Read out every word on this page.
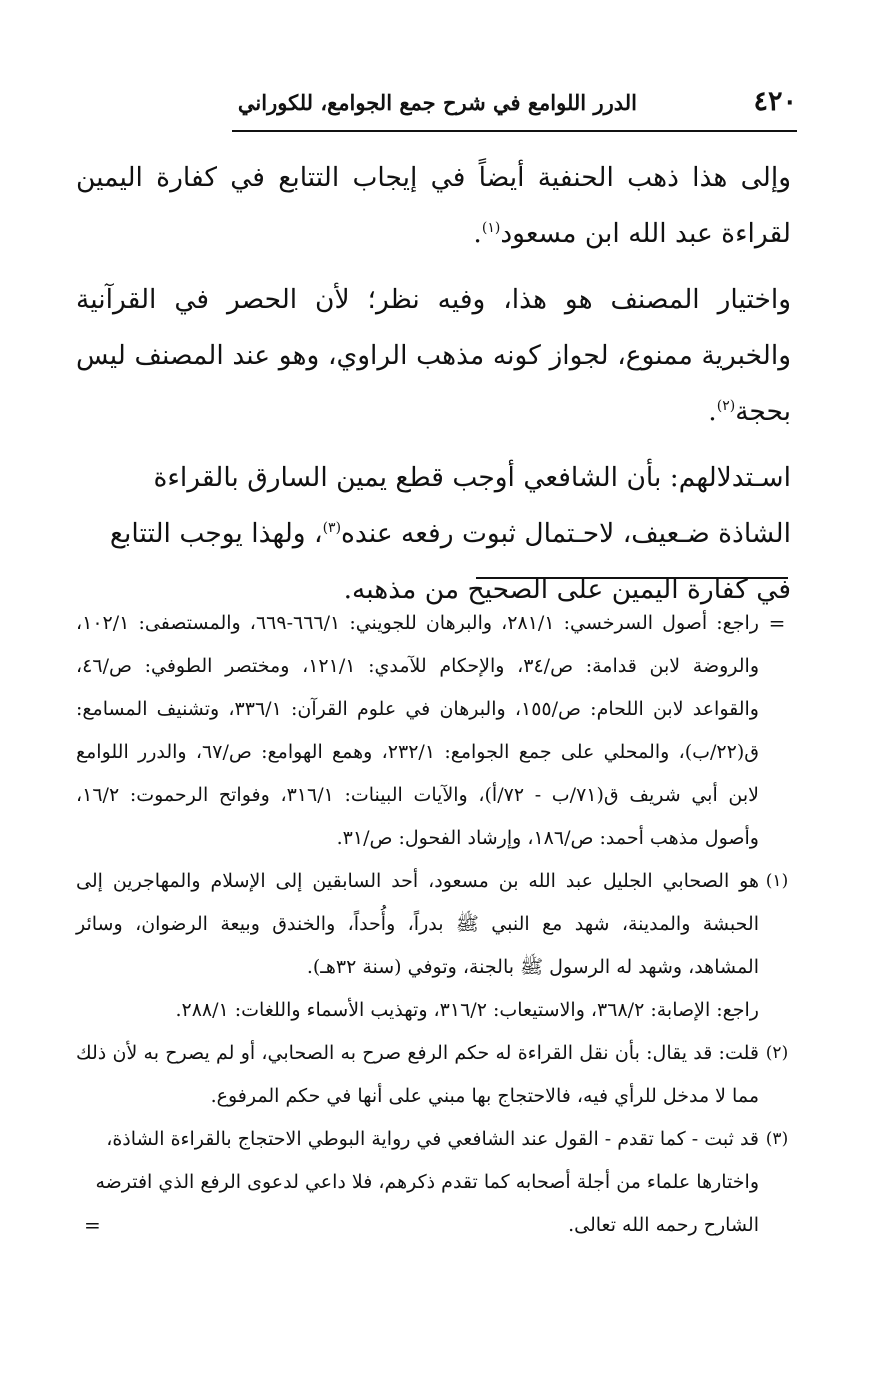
٤٢٠
الدرر اللوامع في شرح جمع الجوامع، للكوراني

وإلى هذا ذهب الحنفية أيضاً في إيجاب التتابع في كفارة اليمين لقراءة عبد الله ابن مسعود$^{(١)}$.

واختيار المصنف هو هذا، وفيه نظر؛ لأن الحصر في القرآنية والخبرية ممنوع، لجواز كونه مذهب الراوي، وهو عند المصنف ليس بحجة$^{(٢)}$.

اسـتدلالهم: بأن الشافعي أوجب قطع يمين السارق بالقراءة الشاذة ضـعيف، لاحـتمال ثبوت رفعه عنده$^{(٣)}$، ولهذا يوجب التتابع في كفارة اليمين على الصحيح من مذهبه.

=
راجع: أصول السرخسي: ٢٨١/١، والبرهان للجويني: ٦٦٦/١-٦٦٩، والمستصفى: ١٠٢/١، والروضة لابن قدامة: ص/٣٤، والإحكام للآمدي: ١٢١/١، ومختصر الطوفي: ص/٤٦، والقواعد لابن اللحام: ص/١٥٥، والبرهان في علوم القرآن: ٣٣٦/١، وتشنيف المسامع: ق(٢٢/ب)، والمحلي على جمع الجوامع: ٢٣٢/١، وهمع الهوامع: ص/٦٧، والدرر اللوامع لابن أبي شريف ق(٧١/ب - ٧٢/أ)، والآيات البينات: ٣١٦/١، وفواتح الرحموت: ١٦/٢، وأصول مذهب أحمد: ص/١٨٦، وإرشاد الفحول: ص/٣١.

(١)
هو الصحابي الجليل عبد الله بن مسعود، أحد السابقين إلى الإسلام والمهاجرين إلى الحبشة والمدينة، شهد مع النبي ﷺ بدراً، وأُحداً، والخندق وبيعة الرضوان، وسائر المشاهد، وشهد له الرسول ﷺ بالجنة، وتوفي (سنة ٣٢هـ).

راجع: الإصابة: ٣٦٨/٢، والاستيعاب: ٣١٦/٢، وتهذيب الأسماء واللغات: ٢٨٨/١.

(٢)
قلت: قد يقال: بأن نقل القراءة له حكم الرفع صرح به الصحابي، أو لم يصرح به لأن ذلك مما لا مدخل للرأي فيه، فالاحتجاج بها مبني على أنها في حكم المرفوع.

(٣)
قد ثبت - كما تقدم - القول عند الشافعي في رواية البوطي الاحتجاج بالقراءة الشاذة، واختارها علماء من أجلة أصحابه كما تقدم ذكرهم، فلا داعي لدعوى الرفع الذي افترضه الشارح رحمه الله تعالى.
=
